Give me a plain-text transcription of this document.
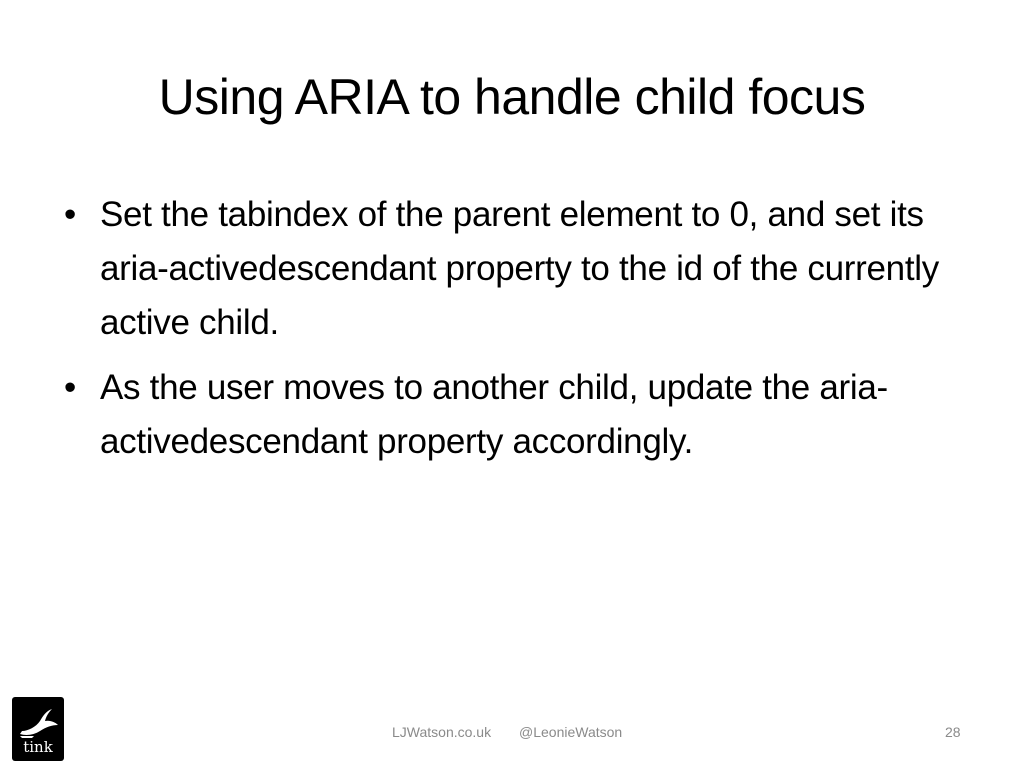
Using ARIA to handle child focus
• Set the tabindex of the parent element to 0, and set its aria-activedescendant property to the id of the currently active child.
• As the user moves to another child, update the aria-activedescendant property accordingly.
tink
LJWatson.co.uk @LeonieWatson	28
